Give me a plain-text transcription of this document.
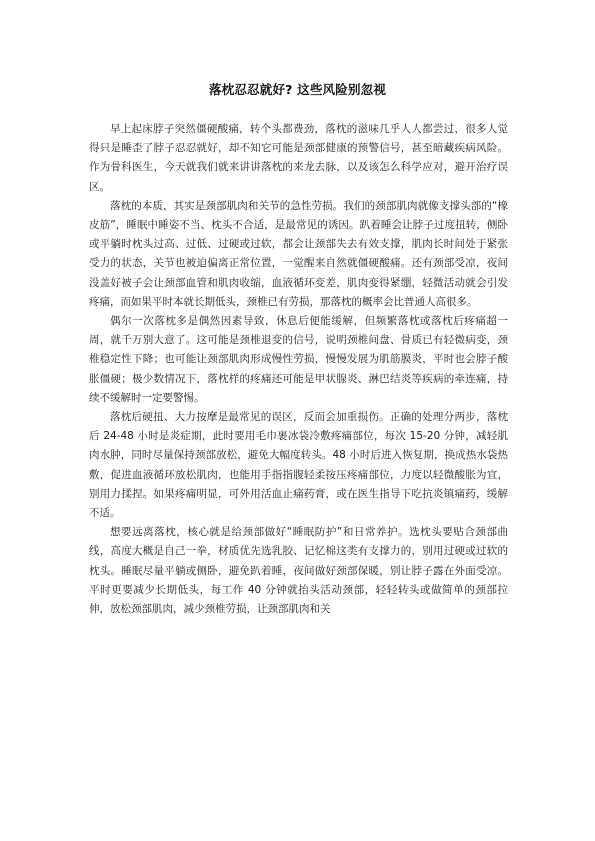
落枕忍忍就好? 这些风险别忽视

早上起床脖子突然僵硬酸痛，转个头都费劲，落枕的滋味几乎人人都尝过，很多人觉得只是睡歪了脖子忍忍就好，却不知它可能是颈部健康的预警信号，甚至暗藏疾病风险。作为骨科医生，今天就我们就来讲讲落枕的来龙去脉，以及该怎么科学应对，避开治疗误区。

落枕的本质，其实是颈部肌肉和关节的急性劳损。我们的颈部肌肉就像支撑头部的“橡皮筋”，睡眠中睡姿不当、枕头不合适，是最常见的诱因。趴着睡会让脖子过度扭转，侧卧或平躺时枕头过高、过低、过硬或过软，都会让颈部失去有效支撑，肌肉长时间处于紧张受力的状态，关节也被迫偏离正常位置，一觉醒来自然就僵硬酸痛。还有颈部受凉，夜间没盖好被子会让颈部血管和肌肉收缩，血液循环变差，肌肉变得紧绷，轻微活动就会引发疼痛，而如果平时本就长期低头，颈椎已有劳损，那落枕的概率会比普通人高很多。

偶尔一次落枕多是偶然因素导致，休息后便能缓解，但频繁落枕或落枕后疼痛超一周，就千万别大意了。这可能是颈椎退变的信号，说明颈椎间盘、骨质已有轻微病变，颈椎稳定性下降；也可能让颈部肌肉形成慢性劳损，慢慢发展为肌筋膜炎，平时也会脖子酸胀僵硬；极少数情况下，落枕样的疼痛还可能是甲状腺炎、淋巴结炎等疾病的牵连痛，持续不缓解时一定要警惕。

落枕后硬扭、大力按摩是最常见的误区，反而会加重损伤。正确的处理分两步，落枕后 24-48 小时是炎症期，此时要用毛巾裹冰袋冷敷疼痛部位，每次 15-20 分钟，减轻肌肉水肿，同时尽量保持颈部放松，避免大幅度转头。48 小时后进入恢复期，换成热水袋热敷，促进血液循环放松肌肉，也能用手指指腹轻柔按压疼痛部位，力度以轻微酸胀为宜，别用力揉捏。如果疼痛明显，可外用活血止痛药膏，或在医生指导下吃抗炎镇痛药，缓解不适。

想要远离落枕，核心就是给颈部做好“睡眠防护”和日常养护。选枕头要贴合颈部曲线，高度大概是自己一拳，材质优先选乳胶、记忆棉这类有支撑力的，别用过硬或过软的枕头。睡眠尽量平躺或侧卧，避免趴着睡，夜间做好颈部保暖，别让脖子露在外面受凉。平时更要减少长期低头，每工作 40 分钟就抬头活动颈部，轻轻转头或做简单的颈部拉伸，放松颈部肌肉，减少颈椎劳损，让颈部肌肉和关
